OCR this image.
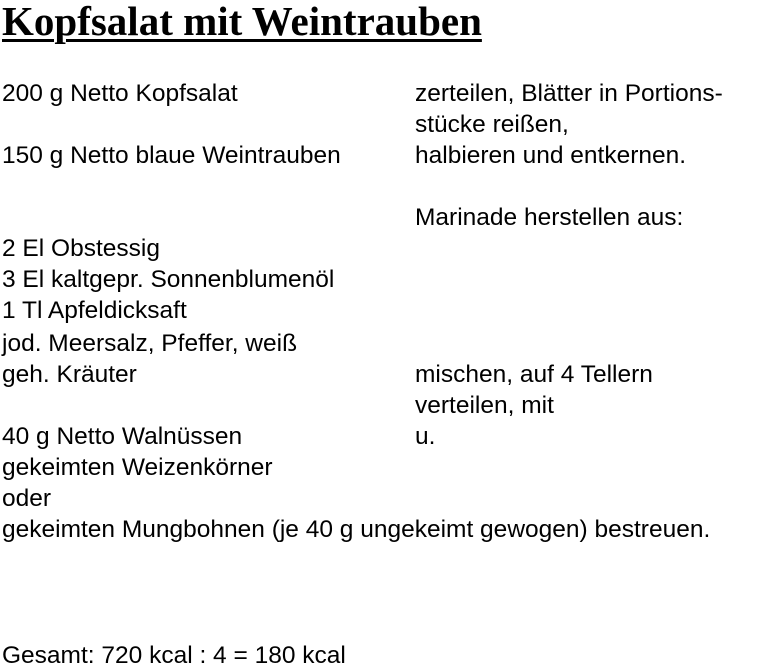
Kopfsalat mit Weintrauben

200 g Netto Kopfsalat	zerteilen, Blätter in Portions-

stücke reißen,

150 g Netto blaue Weintrauben	halbieren und entkernen.

Marinade herstellen aus:

2 El Obstessig

3 El kaltgepr. Sonnenblumenöl

1 Tl Apfeldicksaft

jod. Meersalz, Pfeffer, weiß

geh. Kräuter	mischen, auf 4 Tellern

verteilen, mit

40 g Netto Walnüssen	u.

gekeimten Weizenkörner

oder

gekeimten Mungbohnen (je 40 g ungekeimt gewogen) bestreuen.

Gesamt: 720 kcal : 4 = 180 kcal
